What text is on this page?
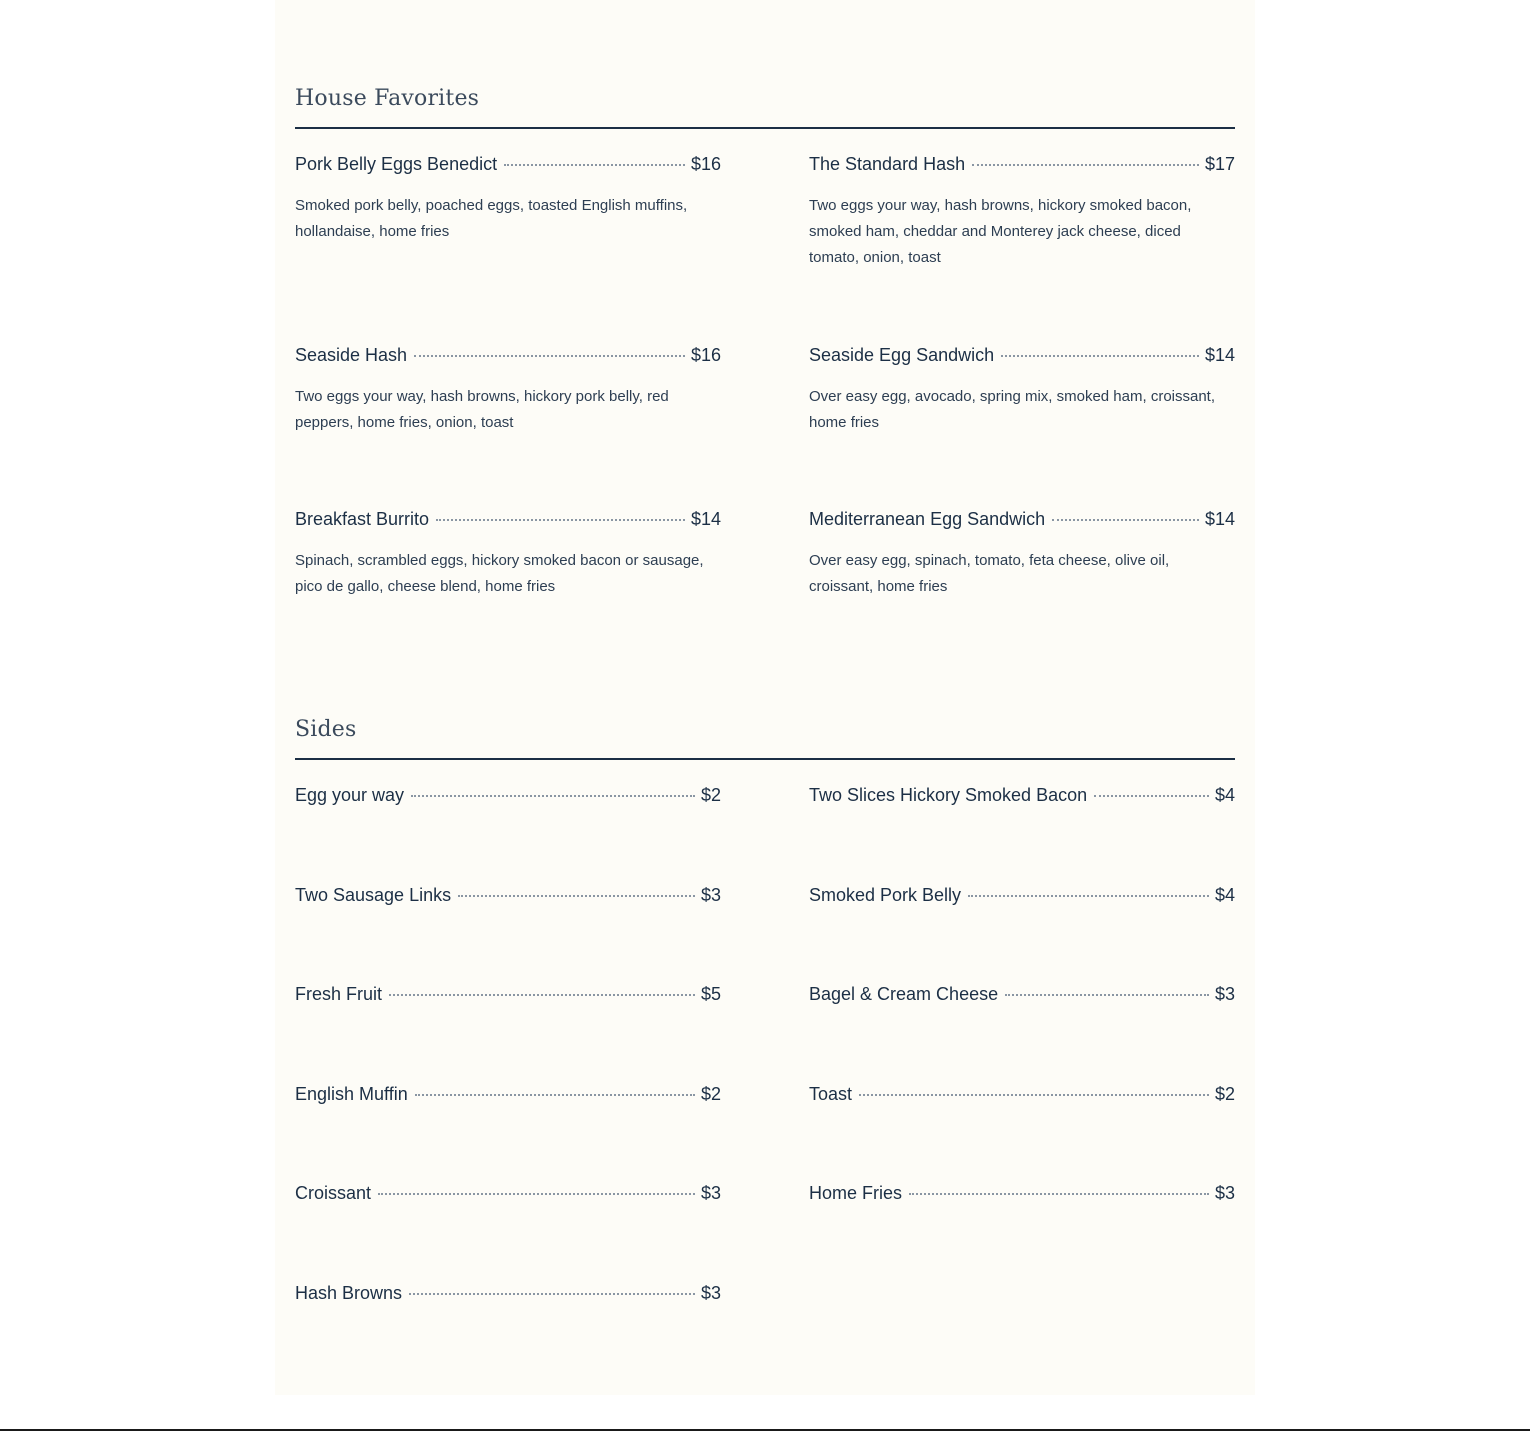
House Favorites
Pork Belly Eggs Benedict	$16
Smoked pork belly, poached eggs, toasted English muffins, hollandaise, home fries
The Standard Hash	$17
Two eggs your way, hash browns, hickory smoked bacon, smoked ham, cheddar and Monterey jack cheese, diced tomato, onion, toast
Seaside Hash	$16
Two eggs your way, hash browns, hickory pork belly, red peppers, home fries, onion, toast
Seaside Egg Sandwich	$14
Over easy egg, avocado, spring mix, smoked ham, croissant, home fries
Breakfast Burrito	$14
Spinach, scrambled eggs, hickory smoked bacon or sausage, pico de gallo, cheese blend, home fries
Mediterranean Egg Sandwich	$14
Over easy egg, spinach, tomato, feta cheese, olive oil, croissant, home fries
Sides
Egg your way	$2	Two Slices Hickory Smoked Bacon	$4
Two Sausage Links	$3	Smoked Pork Belly	$4
Fresh Fruit	$5	Bagel & Cream Cheese	$3
English Muffin	$2	Toast	$2
Croissant	$3	Home Fries	$3
Hash Browns	$3
